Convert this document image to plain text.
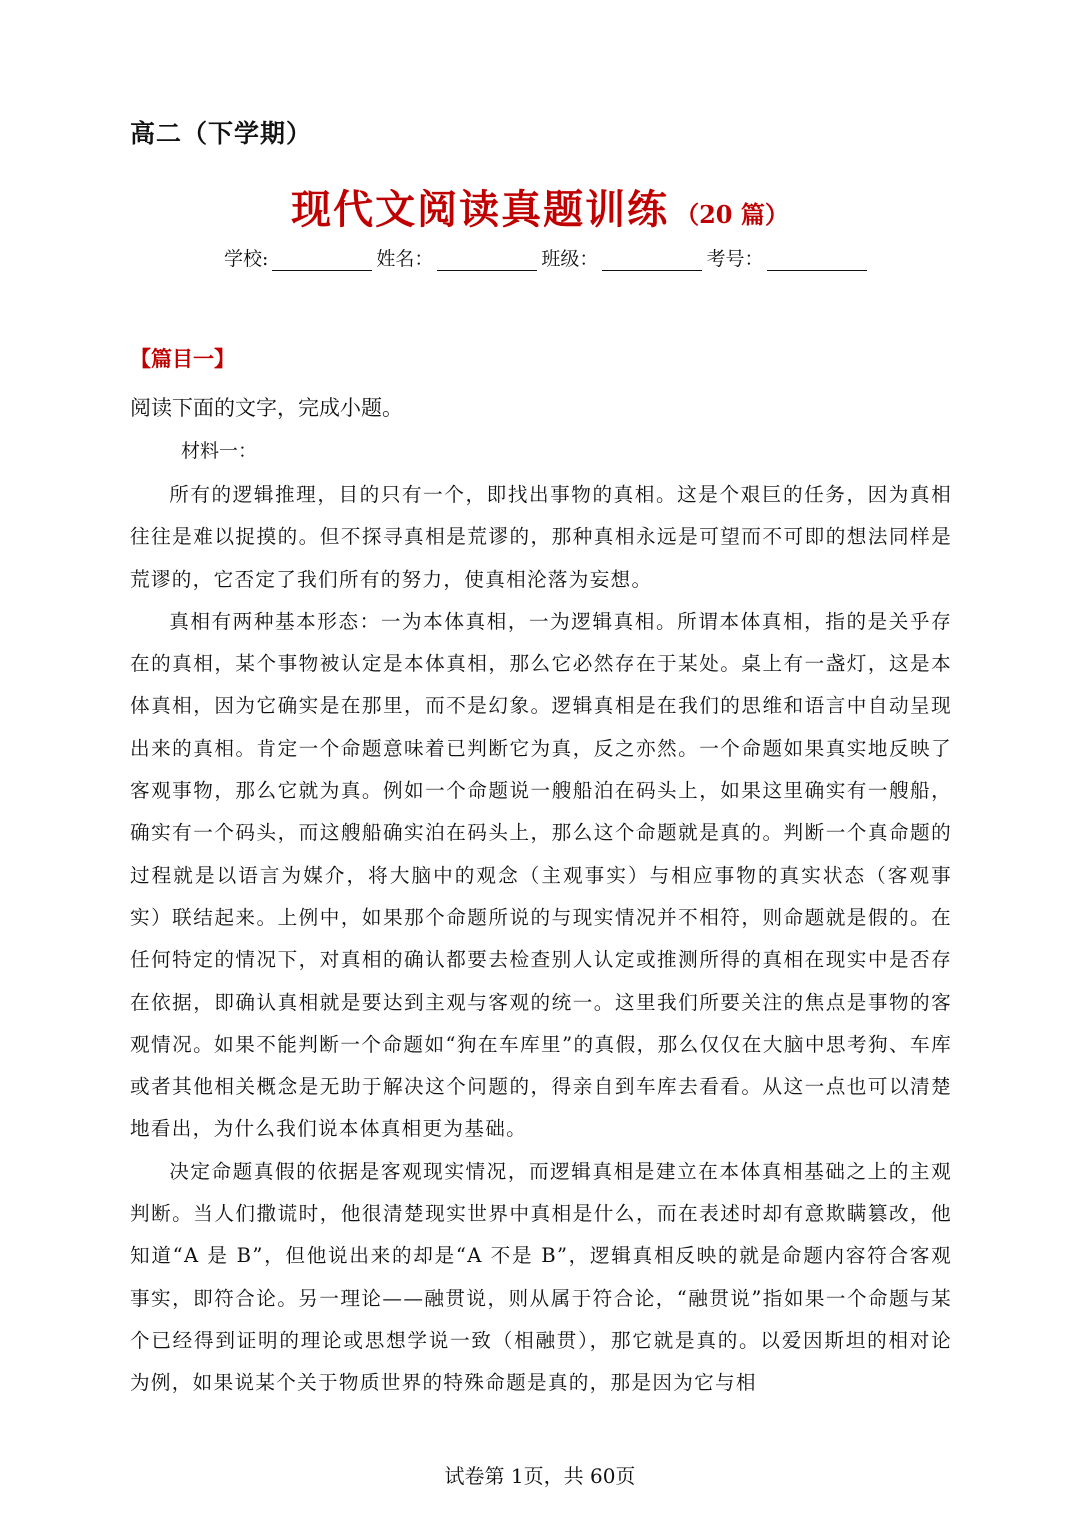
高二（下学期）
现代文阅读真题训练 （20 篇）
学校:	姓名：	班级：	考号：
【篇目一】
阅读下面的文字，完成小题。
材料一：

所有的逻辑推理，目的只有一个，即找出事物的真相。这是个艰巨的任务，因为真相往往是难以捉摸的。但不探寻真相是荒谬的，那种真相永远是可望而不可即的想法同样是荒谬的，它否定了我们所有的努力，使真相沦落为妄想。

真相有两种基本形态：一为本体真相，一为逻辑真相。所谓本体真相，指的是关乎存在的真相，某个事物被认定是本体真相，那么它必然存在于某处。桌上有一盏灯，这是本体真相，因为它确实是在那里，而不是幻象。逻辑真相是在我们的思维和语言中自动呈现出来的真相。肯定一个命题意味着已判断它为真，反之亦然。一个命题如果真实地反映了客观事物，那么它就为真。例如一个命题说一艘船泊在码头上，如果这里确实有一艘船，确实有一个码头，而这艘船确实泊在码头上，那么这个命题就是真的。判断一个真命题的过程就是以语言为媒介，将大脑中的观念（主观事实）与相应事物的真实状态（客观事实）联结起来。上例中，如果那个命题所说的与现实情况并不相符，则命题就是假的。在任何特定的情况下，对真相的确认都要去检查别人认定或推测所得的真相在现实中是否存在依据，即确认真相就是要达到主观与客观的统一。这里我们所要关注的焦点是事物的客观情况。如果不能判断一个命题如“狗在车库里”的真假，那么仅仅在大脑中思考狗、车库或者其他相关概念是无助于解决这个问题的，得亲自到车库去看看。从这一点也可以清楚地看出，为什么我们说本体真相更为基础。

决定命题真假的依据是客观现实情况，而逻辑真相是建立在本体真相基础之上的主观判断。当人们撒谎时，他很清楚现实世界中真相是什么，而在表述时却有意欺瞒篡改，他知道“A 是 B”，但他说出来的却是“A 不是 B”，逻辑真相反映的就是命题内容符合客观事实，即符合论。另一理论——融贯说，则从属于符合论，“融贯说”指如果一个命题与某个已经得到证明的理论或思想学说一致（相融贯），那它就是真的。以爱因斯坦的相对论为例，如果说某个关于物质世界的特殊命题是真的，那是因为它与相

试卷第 1页，共 60页
